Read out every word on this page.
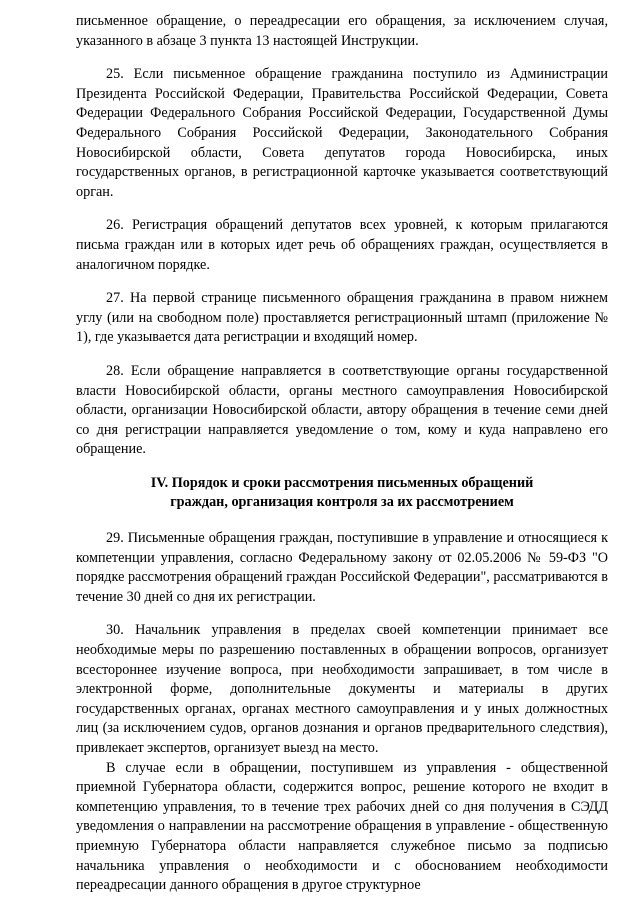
письменное обращение, о переадресации его обращения, за исключением случая, указанного в абзаце 3 пункта 13 настоящей Инструкции.

25. Если письменное обращение гражданина поступило из Администрации Президента Российской Федерации, Правительства Российской Федерации, Совета Федерации Федерального Собрания Российской Федерации, Государственной Думы Федерального Собрания Российской Федерации, Законодательного Собрания Новосибирской области, Совета депутатов города Новосибирска, иных государственных органов, в регистрационной карточке указывается соответствующий орган.

26. Регистрация обращений депутатов всех уровней, к которым прилагаются письма граждан или в которых идет речь об обращениях граждан, осуществляется в аналогичном порядке.

27. На первой странице письменного обращения гражданина в правом нижнем углу (или на свободном поле) проставляется регистрационный штамп (приложение № 1), где указывается дата регистрации и входящий номер.

28. Если обращение направляется в соответствующие органы государственной власти Новосибирской области, органы местного самоуправления Новосибирской области, организации Новосибирской области, автору обращения в течение семи дней со дня регистрации направляется уведомление о том, кому и куда направлено его обращение.

IV. Порядок и сроки рассмотрения письменных обращений
граждан, организация контроля за их рассмотрением

29. Письменные обращения граждан, поступившие в управление и относящиеся к компетенции управления, согласно Федеральному закону от 02.05.2006 № 59-ФЗ "О порядке рассмотрения обращений граждан Российской Федерации", рассматриваются в течение 30 дней со дня их регистрации.

30. Начальник управления в пределах своей компетенции принимает все необходимые меры по разрешению поставленных в обращении вопросов, организует всестороннее изучение вопроса, при необходимости запрашивает, в том числе в электронной форме, дополнительные документы и материалы в других государственных органах, органах местного самоуправления и у иных должностных лиц (за исключением судов, органов дознания и органов предварительного следствия), привлекает экспертов, организует выезд на место.

В случае если в обращении, поступившем из управления - общественной приемной Губернатора области, содержится вопрос, решение которого не входит в компетенцию управления, то в течение трех рабочих дней со дня получения в СЭДД уведомления о направлении на рассмотрение обращения в управление - общественную приемную Губернатора области направляется служебное письмо за подписью начальника управления о необходимости и с обоснованием необходимости переадресации данного обращения в другое структурное
